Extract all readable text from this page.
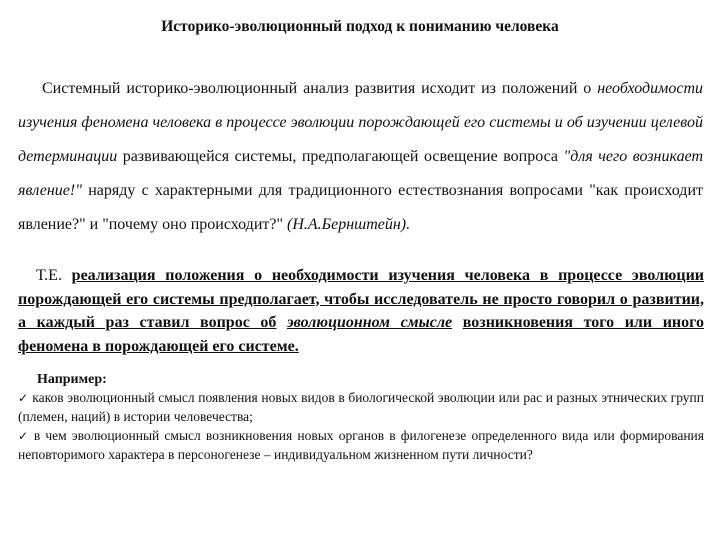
Историко-эволюционный подход к пониманию человека
Системный историко-эволюционный анализ развития исходит из положений о необходимости изучения феномена человека в процессе эволюции порождающей его системы и об изучении целевой детерминации развивающейся системы, предполагающей освещение вопроса "для чего возникает явление!" наряду с характерными для традиционного естествознания вопросами "как происходит явление?" и "почему оно происходит?" (Н.А.Бернштейн).
Т.Е. реализация положения о необходимости изучения человека в процессе эволюции порождающей его системы предполагает, чтобы исследователь не просто говорил о развитии, а каждый раз ставил вопрос об эволюционном смысле возникновения того или иного феномена в порождающей его системе.
Например:

✓ каков эволюционный смысл появления новых видов в биологической эволюции или рас и разных этнических групп (племен, наций) в истории человечества;

✓ в чем эволюционный смысл возникновения новых органов в филогенезе определенного вида или формирования неповторимого характера в персоногенезе – индивидуальном жизненном пути личности?
